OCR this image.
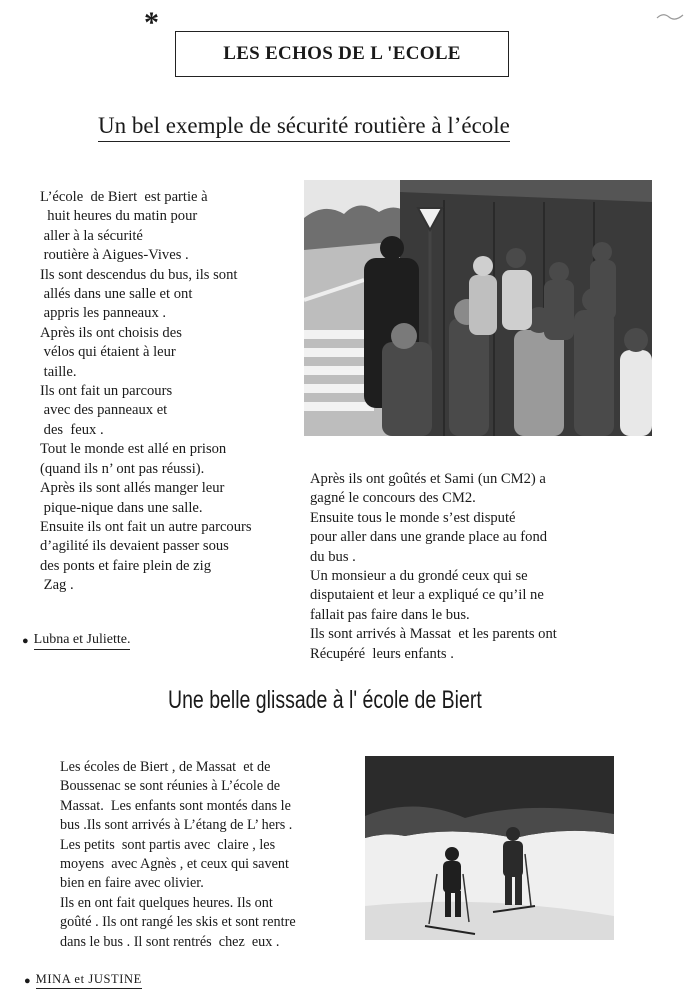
*
LES ECHOS DE L 'ECOLE
Un bel exemple de sécurité routière à l’école
L’école  de Biert  est partie à
huit heures du matin pour
aller à la sécurité
routière à Aigues-Vives .
Ils sont descendus du bus, ils sont
allés dans une salle et ont
appris les panneaux .
Après ils ont choisis des
vélos qui étaient à leur
taille.
Ils ont fait un parcours
avec des panneaux et
des  feux .
Tout le monde est allé en prison
(quand ils n’ ont pas réussi).
Après ils sont allés manger leur
pique-nique dans une salle.
Ensuite ils ont fait un autre parcours
d’agilité ils devaient passer sous
des ponts et faire plein de zig
Zag .
Après ils ont goûtés et Sami (un CM2) a
gagné le concours des CM2.
Ensuite tous le monde s’est disputé
pour aller dans une grande place au fond
du bus .
Un monsieur a du grondé ceux qui se
disputaient et leur a expliqué ce qu’il ne
fallait pas faire dans le bus.
Ils sont arrivés à Massat  et les parents ont
Récupéré  leurs enfants .
● Lubna et Juliette.
Une belle glissade à l' école de Biert
Les écoles de Biert , de Massat  et de
Boussenac se sont réunies à L’école de
Massat.  Les enfants sont montés dans le
bus .Ils sont arrivés à L’étang de L’ hers .
Les petits  sont partis avec  claire , les
moyens  avec Agnès , et ceux qui savent
bien en faire avec olivier.
Ils en ont fait quelques heures. Ils ont
goûté . Ils ont rangé les skis et sont rentre
dans le bus . Il sont rentrés  chez  eux .
● MINA et JUSTINE
